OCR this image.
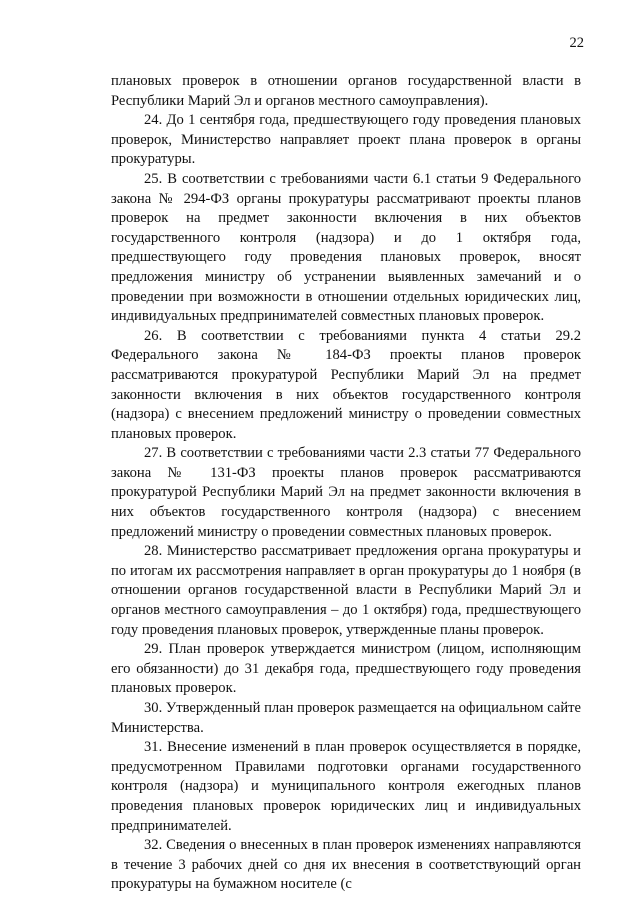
22

плановых проверок в отношении органов государственной власти в Республики Марий Эл и органов местного самоуправления).

24. До 1 сентября года, предшествующего году проведения плановых проверок, Министерство направляет проект плана проверок в органы прокуратуры.

25. В соответствии с требованиями части 6.1 статьи 9 Федерального закона № 294-ФЗ органы прокуратуры рассматривают проекты планов проверок на предмет законности включения в них объектов государственного контроля (надзора) и до 1 октября года, предшествующего году проведения плановых проверок, вносят предложения министру об устранении выявленных замечаний и о проведении при возможности в отношении отдельных юридических лиц, индивидуальных предпринимателей совместных плановых проверок.

26. В соответствии с требованиями пункта 4 статьи 29.2 Федерального закона № 184-ФЗ проекты планов проверок рассматриваются прокуратурой Республики Марий Эл на предмет законности включения в них объектов государственного контроля (надзора) с внесением предложений министру о проведении совместных плановых проверок.

27. В соответствии с требованиями части 2.3 статьи 77 Федерального закона № 131-ФЗ проекты планов проверок рассматриваются прокуратурой Республики Марий Эл на предмет законности включения в них объектов государственного контроля (надзора) с внесением предложений министру о проведении совместных плановых проверок.

28. Министерство рассматривает предложения органа прокуратуры и по итогам их рассмотрения направляет в орган прокуратуры до 1 ноября (в отношении органов государственной власти в Республики Марий Эл и органов местного самоуправления – до 1 октября) года, предшествующего году проведения плановых проверок, утвержденные планы проверок.

29. План проверок утверждается министром (лицом, исполняющим его обязанности) до 31 декабря года, предшествующего году проведения плановых проверок.

30. Утвержденный план проверок размещается на официальном сайте Министерства.

31. Внесение изменений в план проверок осуществляется в порядке, предусмотренном Правилами подготовки органами государственного контроля (надзора) и муниципального контроля ежегодных планов проведения плановых проверок юридических лиц и индивидуальных предпринимателей.

32. Сведения о внесенных в план проверок изменениях направляются в течение 3 рабочих дней со дня их внесения в соответствующий орган прокуратуры на бумажном носителе (с
